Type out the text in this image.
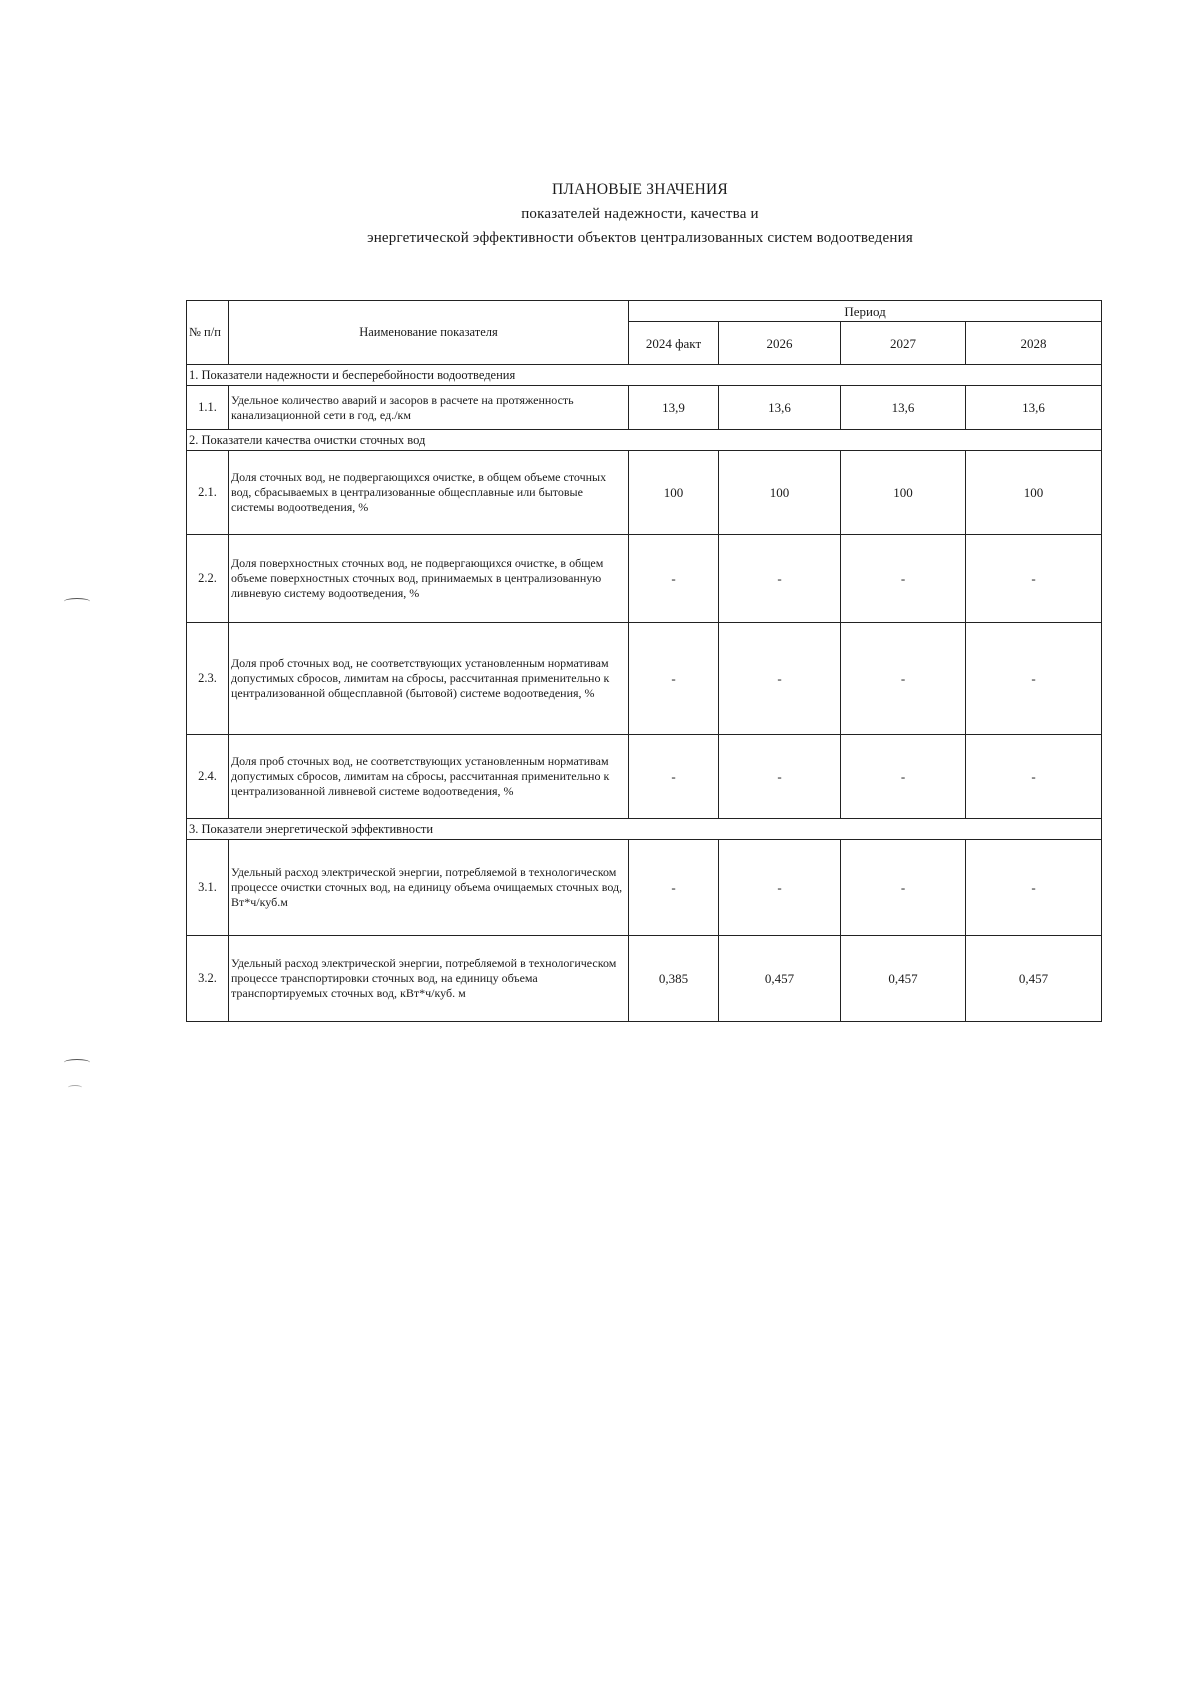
ПЛАНОВЫЕ ЗНАЧЕНИЯ
показателей надежности, качества и
энергетической эффективности объектов централизованных систем водоотведения
№ п/п	Наименование показателя	Период			
		2024 факт	2026	2027	2028
1. Показатели надежности и бесперебойности водоотведения					
1.1.	Удельное количество аварий и засоров в расчете на протяженность канализационной сети в год, ед./км	13,9	13,6	13,6	13,6
2. Показатели качества очистки сточных вод					
2.1.	Доля сточных вод, не подвергающихся очистке, в общем объеме сточных вод, сбрасываемых в централизованные общесплавные или бытовые системы водоотведения, %	100	100	100	100
2.2.	Доля поверхностных сточных вод, не подвергающихся очистке, в общем объеме поверхностных сточных вод, принимаемых в централизованную ливневую систему водоотведения, %	-	-	-	-
2.3.	Доля проб сточных вод, не соответствующих установленным нормативам допустимых сбросов, лимитам на сбросы, рассчитанная применительно к централизованной общесплавной (бытовой) системе водоотведения, %	-	-	-	-
2.4.	Доля проб сточных вод, не соответствующих установленным нормативам допустимых сбросов, лимитам на сбросы, рассчитанная применительно к централизованной ливневой системе водоотведения, %	-	-	-	-
3. Показатели энергетической эффективности					
3.1.	Удельный расход электрической энергии, потребляемой в технологическом процессе очистки сточных вод, на единицу объема очищаемых сточных вод, Вт*ч/куб.м	-	-	-	-
3.2.	Удельный расход электрической энергии, потребляемой в технологическом процессе транспортировки сточных вод, на единицу объема транспортируемых сточных вод, кВт*ч/куб. м	0,385	0,457	0,457	0,457
